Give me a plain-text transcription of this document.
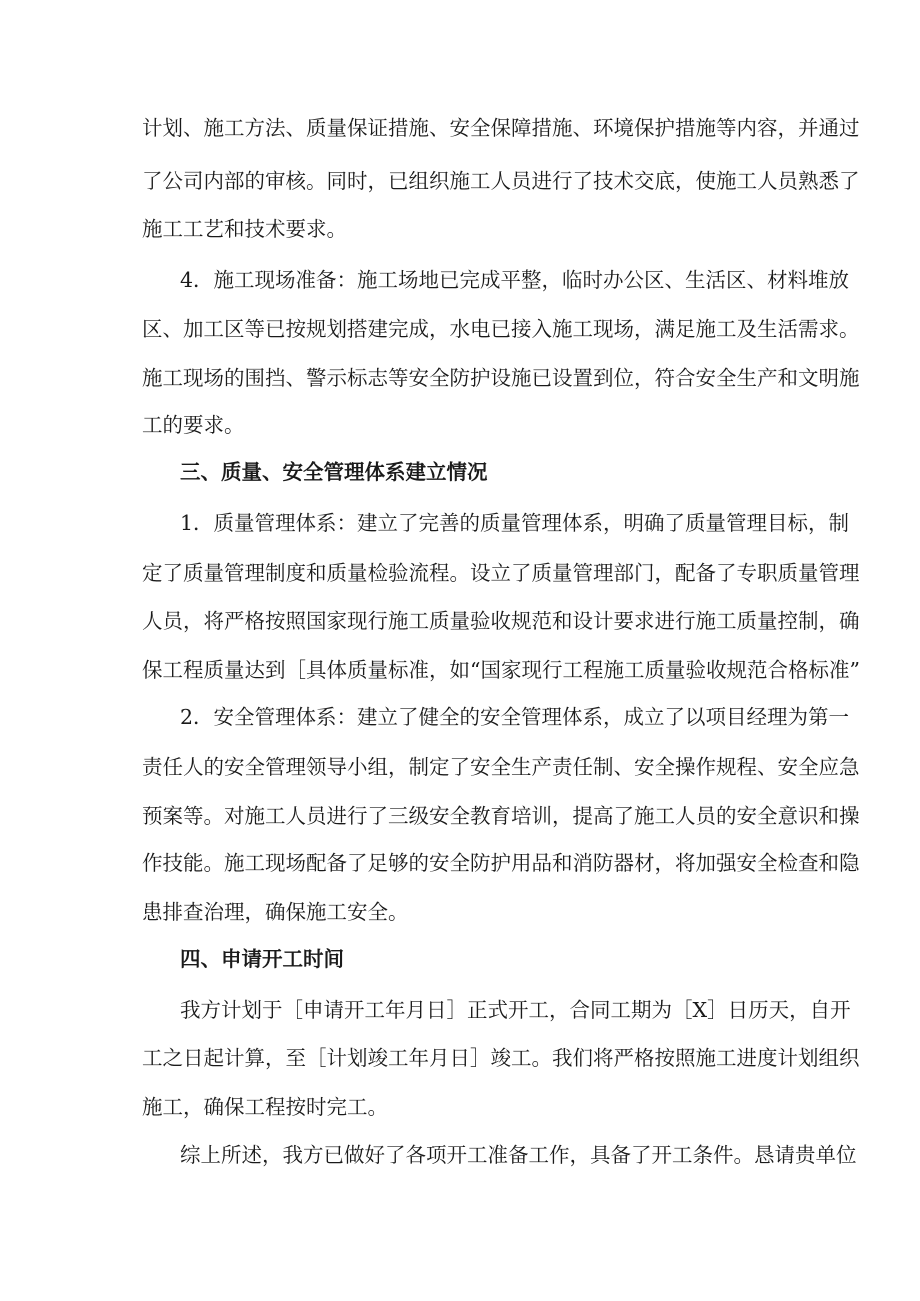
计划、施工方法、质量保证措施、安全保障措施、环境保护措施等内容，并通过
了公司内部的审核。同时，已组织施工人员进行了技术交底，使施工人员熟悉了
施工工艺和技术要求。
4．施工现场准备：施工场地已完成平整，临时办公区、生活区、材料堆放
区、加工区等已按规划搭建完成，水电已接入施工现场，满足施工及生活需求。
施工现场的围挡、警示标志等安全防护设施已设置到位，符合安全生产和文明施
工的要求。
三、质量、安全管理体系建立情况
1．质量管理体系：建立了完善的质量管理体系，明确了质量管理目标，制
定了质量管理制度和质量检验流程。设立了质量管理部门，配备了专职质量管理
人员，将严格按照国家现行施工质量验收规范和设计要求进行施工质量控制，确
保工程质量达到［具体质量标准，如“国家现行工程施工质量验收规范合格标准”
2．安全管理体系：建立了健全的安全管理体系，成立了以项目经理为第一
责任人的安全管理领导小组，制定了安全生产责任制、安全操作规程、安全应急
预案等。对施工人员进行了三级安全教育培训，提高了施工人员的安全意识和操
作技能。施工现场配备了足够的安全防护用品和消防器材，将加强安全检查和隐
患排查治理，确保施工安全。
四、申请开工时间
我方计划于［申请开工年月日］正式开工，合同工期为［X］日历天，自开
工之日起计算，至［计划竣工年月日］竣工。我们将严格按照施工进度计划组织
施工，确保工程按时完工。
综上所述，我方已做好了各项开工准备工作，具备了开工条件。恳请贵单位
